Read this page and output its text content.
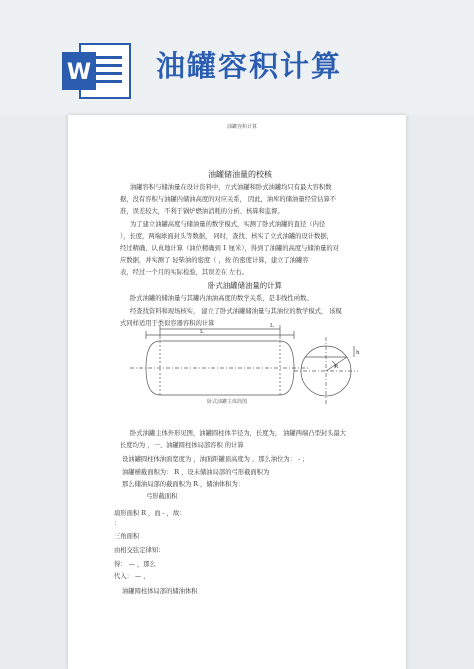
W 油罐容积计算
油罐容积计算
油罐储油量的校核
油罐容积与储油量在设计资料中，立式油罐和卧式油罐均只有最大容积数
据，没有容积与油罐内储油高度的对应关系， 因此，油库的储油量经常估算不
准，误差较大，不利于锅炉燃油消耗的分析、核算和监督。
为了建立油罐高度与储油量的数学模式，实测了卧式油罐的直径（内径
），长度，两端球面封头等数据， 同时，查找、核实了立式油罐的设计数据，
经过精确、认真地计算（油位精确到 1 厘米），得到了油罐的高度与储油量的对
应数据，并实测了 轻柴油的密度（ ，按 的密度计算，建立了油罐容
表，经过一个月的实际检验，其误差在 左右。
卧式油罐储油量的计算
卧式油罐的储油量与其罐内油油高度的数学关系，是非线性函数。
经查找资料和现场核实， 建立了卧式油罐储油量与其油位的数学模式， 该模
式同样适用于类似容器容积的计算
L
L
R
h
卧式油罐主体简图
卧式油罐主体外形见图，油罐圆柱体半径为，长度为， 油罐两端凸型封头最大
长度均为 ，一、油罐圆柱体局部容积 的计算
设油罐圆柱体油面宽度为 ，油面距罐顶高度为 ，那么油位为： - ；
油罐横截面积为： R ，设未储油局部的弓形截面积为
那么储油局部的截面积为 R ，储油体积为：
弓形截面积
扇形面积 R ，而 - ，故：
：
三角面积
由相交弦定律知：
得： — ，那么
代入： — ，
油罐圆柱体局部的储油体积
